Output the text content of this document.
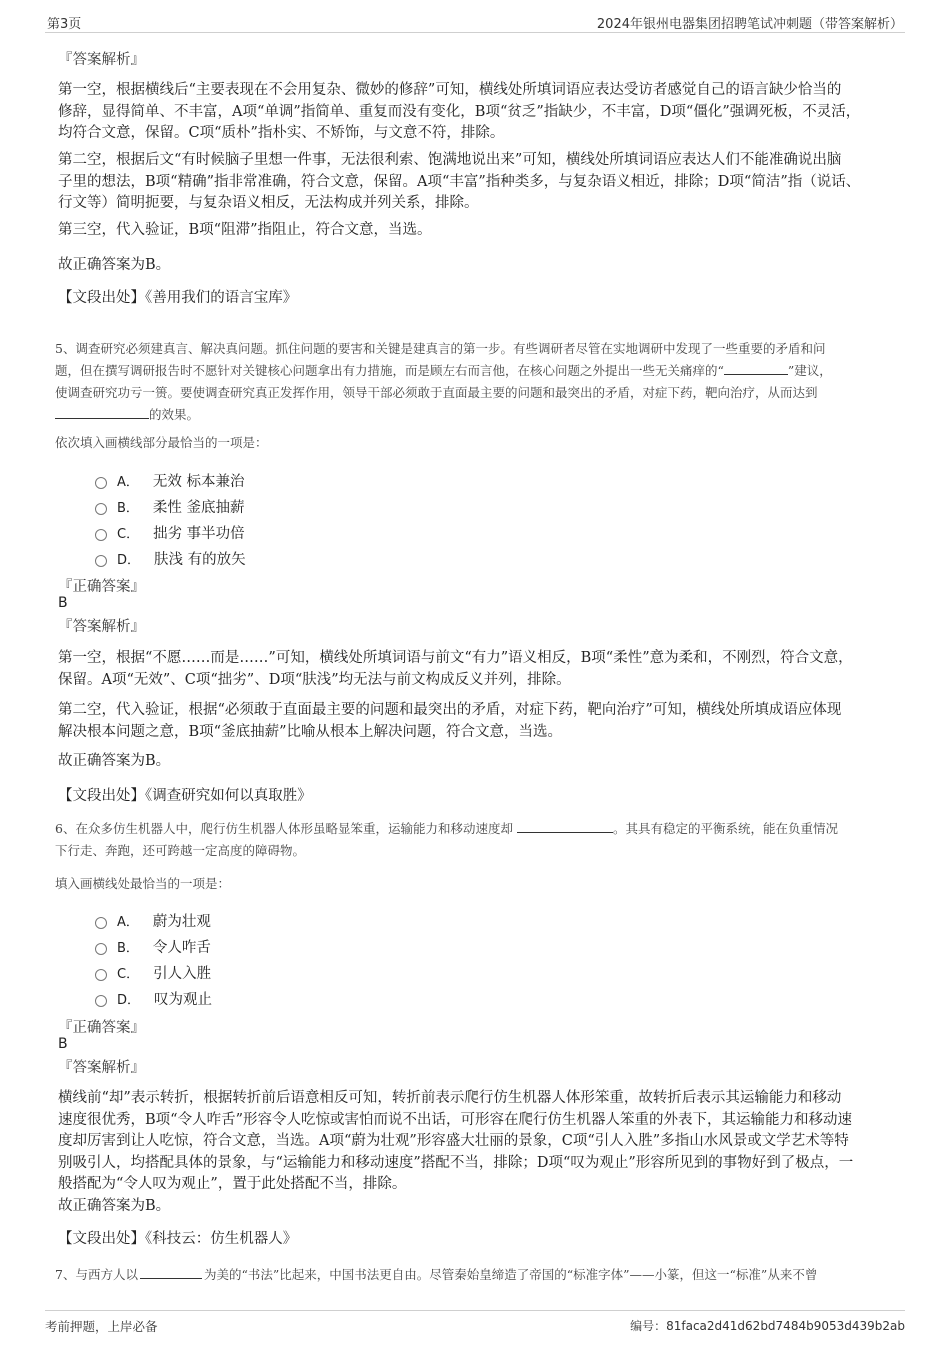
第3页	2024年银州电器集团招聘笔试冲刺题（带答案解析）
『答案解析』
第一空，根据横线后“主要表现在不会用复杂、微妙的修辞”可知，横线处所填词语应表达受访者感觉自己的语言缺少恰当的
修辞，显得简单、不丰富，A项“单调”指简单、重复而没有变化，B项“贫乏”指缺少，不丰富，D项“僵化”强调死板，不灵活，
均符合文意，保留。C项“质朴”指朴实、不矫饰，与文意不符，排除。
第二空，根据后文“有时候脑子里想一件事，无法很利索、饱满地说出来”可知，横线处所填词语应表达人们不能准确说出脑
子里的想法，B项“精确”指非常准确，符合文意，保留。A项“丰富”指种类多，与复杂语义相近，排除；D项“简洁”指（说话、
行文等）简明扼要，与复杂语义相反，无法构成并列关系，排除。
第三空，代入验证，B项“阻滞”指阻止，符合文意，当选。
故正确答案为B。
【文段出处】《善用我们的语言宝库》
5、调查研究必须建真言、解决真问题。抓住问题的要害和关键是建真言的第一步。有些调研者尽管在实地调研中发现了一些重要的矛盾和问
题，但在撰写调研报告时不愿针对关键核心问题拿出有力措施，而是顾左右而言他，在核心问题之外提出一些无关痛痒的“	”建议，
使调查研究功亏一篑。要使调查研究真正发挥作用，领导干部必须敢于直面最主要的问题和最突出的矛盾，对症下药，靶向治疗，从而达到
的效果。
依次填入画横线部分最恰当的一项是：
A． 无效 标本兼治
B． 柔性 釜底抽薪
C． 拙劣 事半功倍
D． 肤浅 有的放矢
『正确答案』
B
『答案解析』
第一空，根据“不愿……而是……”可知，横线处所填词语与前文“有力”语义相反，B项“柔性”意为柔和，不刚烈，符合文意，
保留。A项“无效”、C项“拙劣”、D项“肤浅”均无法与前文构成反义并列，排除。
第二空，代入验证，根据“必须敢于直面最主要的问题和最突出的矛盾，对症下药，靶向治疗”可知，横线处所填成语应体现
解决根本问题之意，B项“釜底抽薪”比喻从根本上解决问题，符合文意，当选。
故正确答案为B。
【文段出处】《调查研究如何以真取胜》
6、在众多仿生机器人中，爬行仿生机器人体形虽略显笨重，运输能力和移动速度却	。其具有稳定的平衡系统，能在负重情况
下行走、奔跑，还可跨越一定高度的障碍物。
填入画横线处最恰当的一项是：
A． 蔚为壮观
B． 令人咋舌
C． 引人入胜
D． 叹为观止
『正确答案』
B
『答案解析』
横线前“却”表示转折，根据转折前后语意相反可知，转折前表示爬行仿生机器人体形笨重，故转折后表示其运输能力和移动
速度很优秀，B项“令人咋舌”形容令人吃惊或害怕而说不出话，可形容在爬行仿生机器人笨重的外表下，其运输能力和移动速
度却厉害到让人吃惊，符合文意，当选。A项“蔚为壮观”形容盛大壮丽的景象，C项“引人入胜”多指山水风景或文学艺术等特
别吸引人，均搭配具体的景象，与“运输能力和移动速度”搭配不当，排除；D项“叹为观止”形容所见到的事物好到了极点，一
般搭配为“令人叹为观止”，置于此处搭配不当，排除。
故正确答案为B。
【文段出处】《科技云：仿生机器人》
7、与西方人以	为美的“书法”比起来，中国书法更自由。尽管秦始皇缔造了帝国的“标准字体”——小篆，但这一“标准”从来不曾
考前押题，上岸必备	编号：81faca2d41d62bd7484b9053d439b2ab
